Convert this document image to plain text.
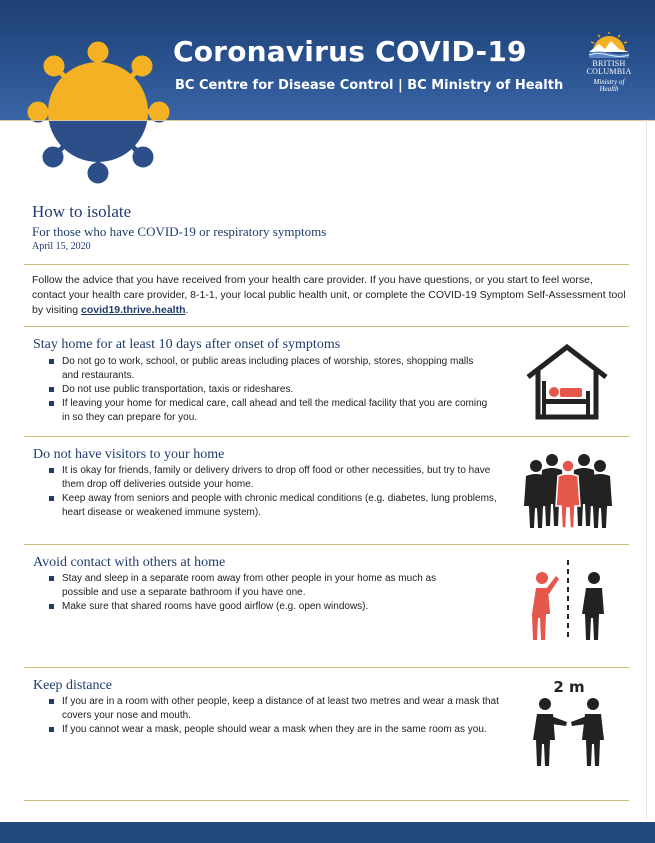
Coronavirus COVID-19
BC Centre for Disease Control | BC Ministry of Health
BRITISH
COLUMBIA
Ministry of
Health
How to isolate
For those who have COVID-19 or respiratory symptoms
April 15, 2020
Follow the advice that you have received from your health care provider. If you have questions, or you start to feel worse, contact your health care provider, 8-1-1, your local public health unit, or complete the COVID-19 Symptom Self-Assessment tool by visiting covid19.thrive.health.
Stay home for at least 10 days after onset of symptoms
Do not go to work, school, or public areas including places of worship, stores, shopping malls and restaurants.
Do not use public transportation, taxis or rideshares.
If leaving your home for medical care, call ahead and tell the medical facility that you are coming in so they can prepare for you.
Do not have visitors to your home
It is okay for friends, family or delivery drivers to drop off food or other necessities, but try to have them drop off deliveries outside your home.
Keep away from seniors and people with chronic medical conditions (e.g. diabetes, lung problems, heart disease or weakened immune system).
Avoid contact with others at home
Stay and sleep in a separate room away from other people in your home as much as possible and use a separate bathroom if you have one.
Make sure that shared rooms have good airflow (e.g. open windows).
Keep distance
If you are in a room with other people, keep a distance of at least two metres and wear a mask that covers your nose and mouth.
If you cannot wear a mask, people should wear a mask when they are in the same room as you.
2 m
